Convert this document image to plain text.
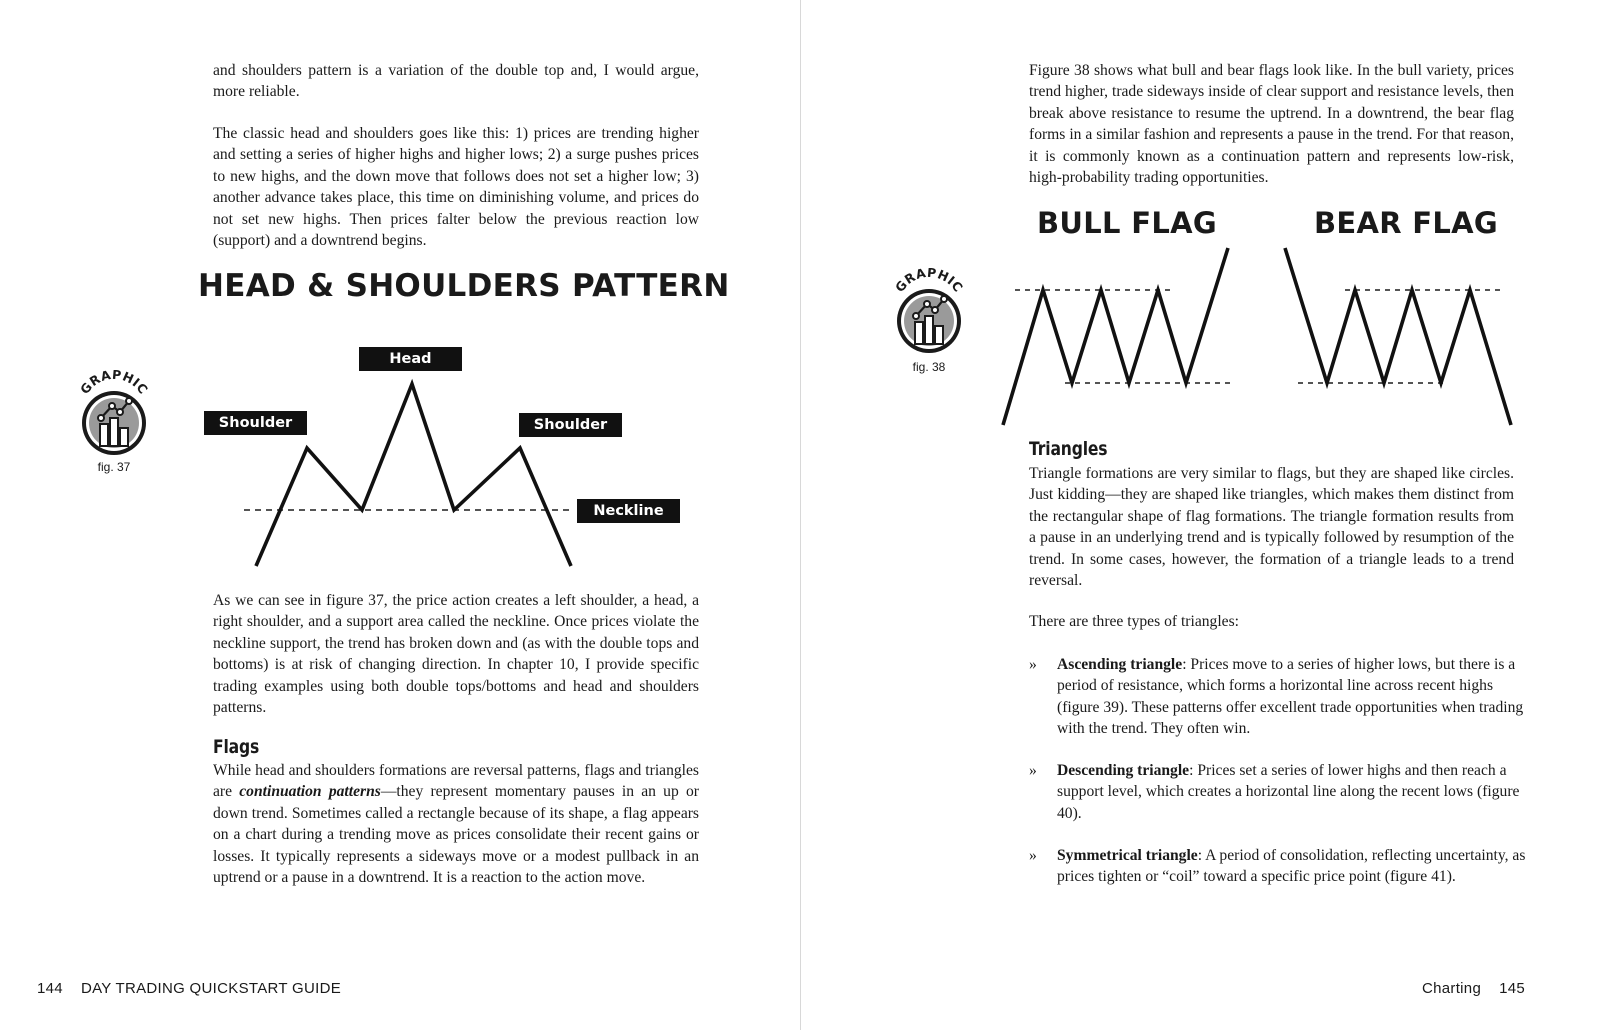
and shoulders pattern is a variation of the double top and, I would argue, more reliable.

The classic head and shoulders goes like this: 1) prices are trending higher and setting a series of higher highs and higher lows; 2) a surge pushes prices to new highs, and the down move that follows does not set a higher low; 3) another advance takes place, this time on diminishing volume, and prices do not set new highs. Then prices falter below the previous reaction low (support) and a downtrend begins.

HEAD & SHOULDERS PATTERN
GRAPHIC
fig. 37
Head
Shoulder	Shoulder
Neckline

As we can see in figure 37, the price action creates a left shoulder, a head, a right shoulder, and a support area called the neckline. Once prices violate the neckline support, the trend has broken down and (as with the double tops and bottoms) is at risk of changing direction. In chapter 10, I provide specific trading examples using both double tops/bottoms and head and shoulders patterns.

Flags

While head and shoulders formations are reversal patterns, flags and triangles are continuation patterns—they represent momentary pauses in an up or down trend. Sometimes called a rectangle because of its shape, a flag appears on a chart during a trending move as prices consolidate their recent gains or losses. It typically represents a sideways move or a modest pullback in an uptrend or a pause in a downtrend. It is a reaction to the action move.

144 DAY TRADING QUICKSTART GUIDE

Figure 38 shows what bull and bear flags look like. In the bull variety, prices trend higher, trade sideways inside of clear support and resistance levels, then break above resistance to resume the uptrend. In a downtrend, the bear flag forms in a similar fashion and represents a pause in the trend. For that reason, it is commonly known as a continuation pattern and represents low-risk, high-probability trading opportunities.

BULL FLAG	BEAR FLAG
GRAPHIC
fig. 38
Triangles

Triangle formations are very similar to flags, but they are shaped like circles. Just kidding—they are shaped like triangles, which makes them distinct from the rectangular shape of flag formations. The triangle formation results from a pause in an underlying trend and is typically followed by resumption of the trend. In some cases, however, the formation of a triangle leads to a trend reversal.

There are three types of triangles:

» Ascending triangle: Prices move to a series of higher lows, but there is a period of resistance, which forms a horizontal line across recent highs (figure 39). These patterns offer excellent trade opportunities when trading with the trend. They often win.

» Descending triangle: Prices set a series of lower highs and then reach a support level, which creates a horizontal line along the recent lows (figure 40).

» Symmetrical triangle: A period of consolidation, reflecting uncertainty, as prices tighten or “coil” toward a specific price point (figure 41).

Charting 145
